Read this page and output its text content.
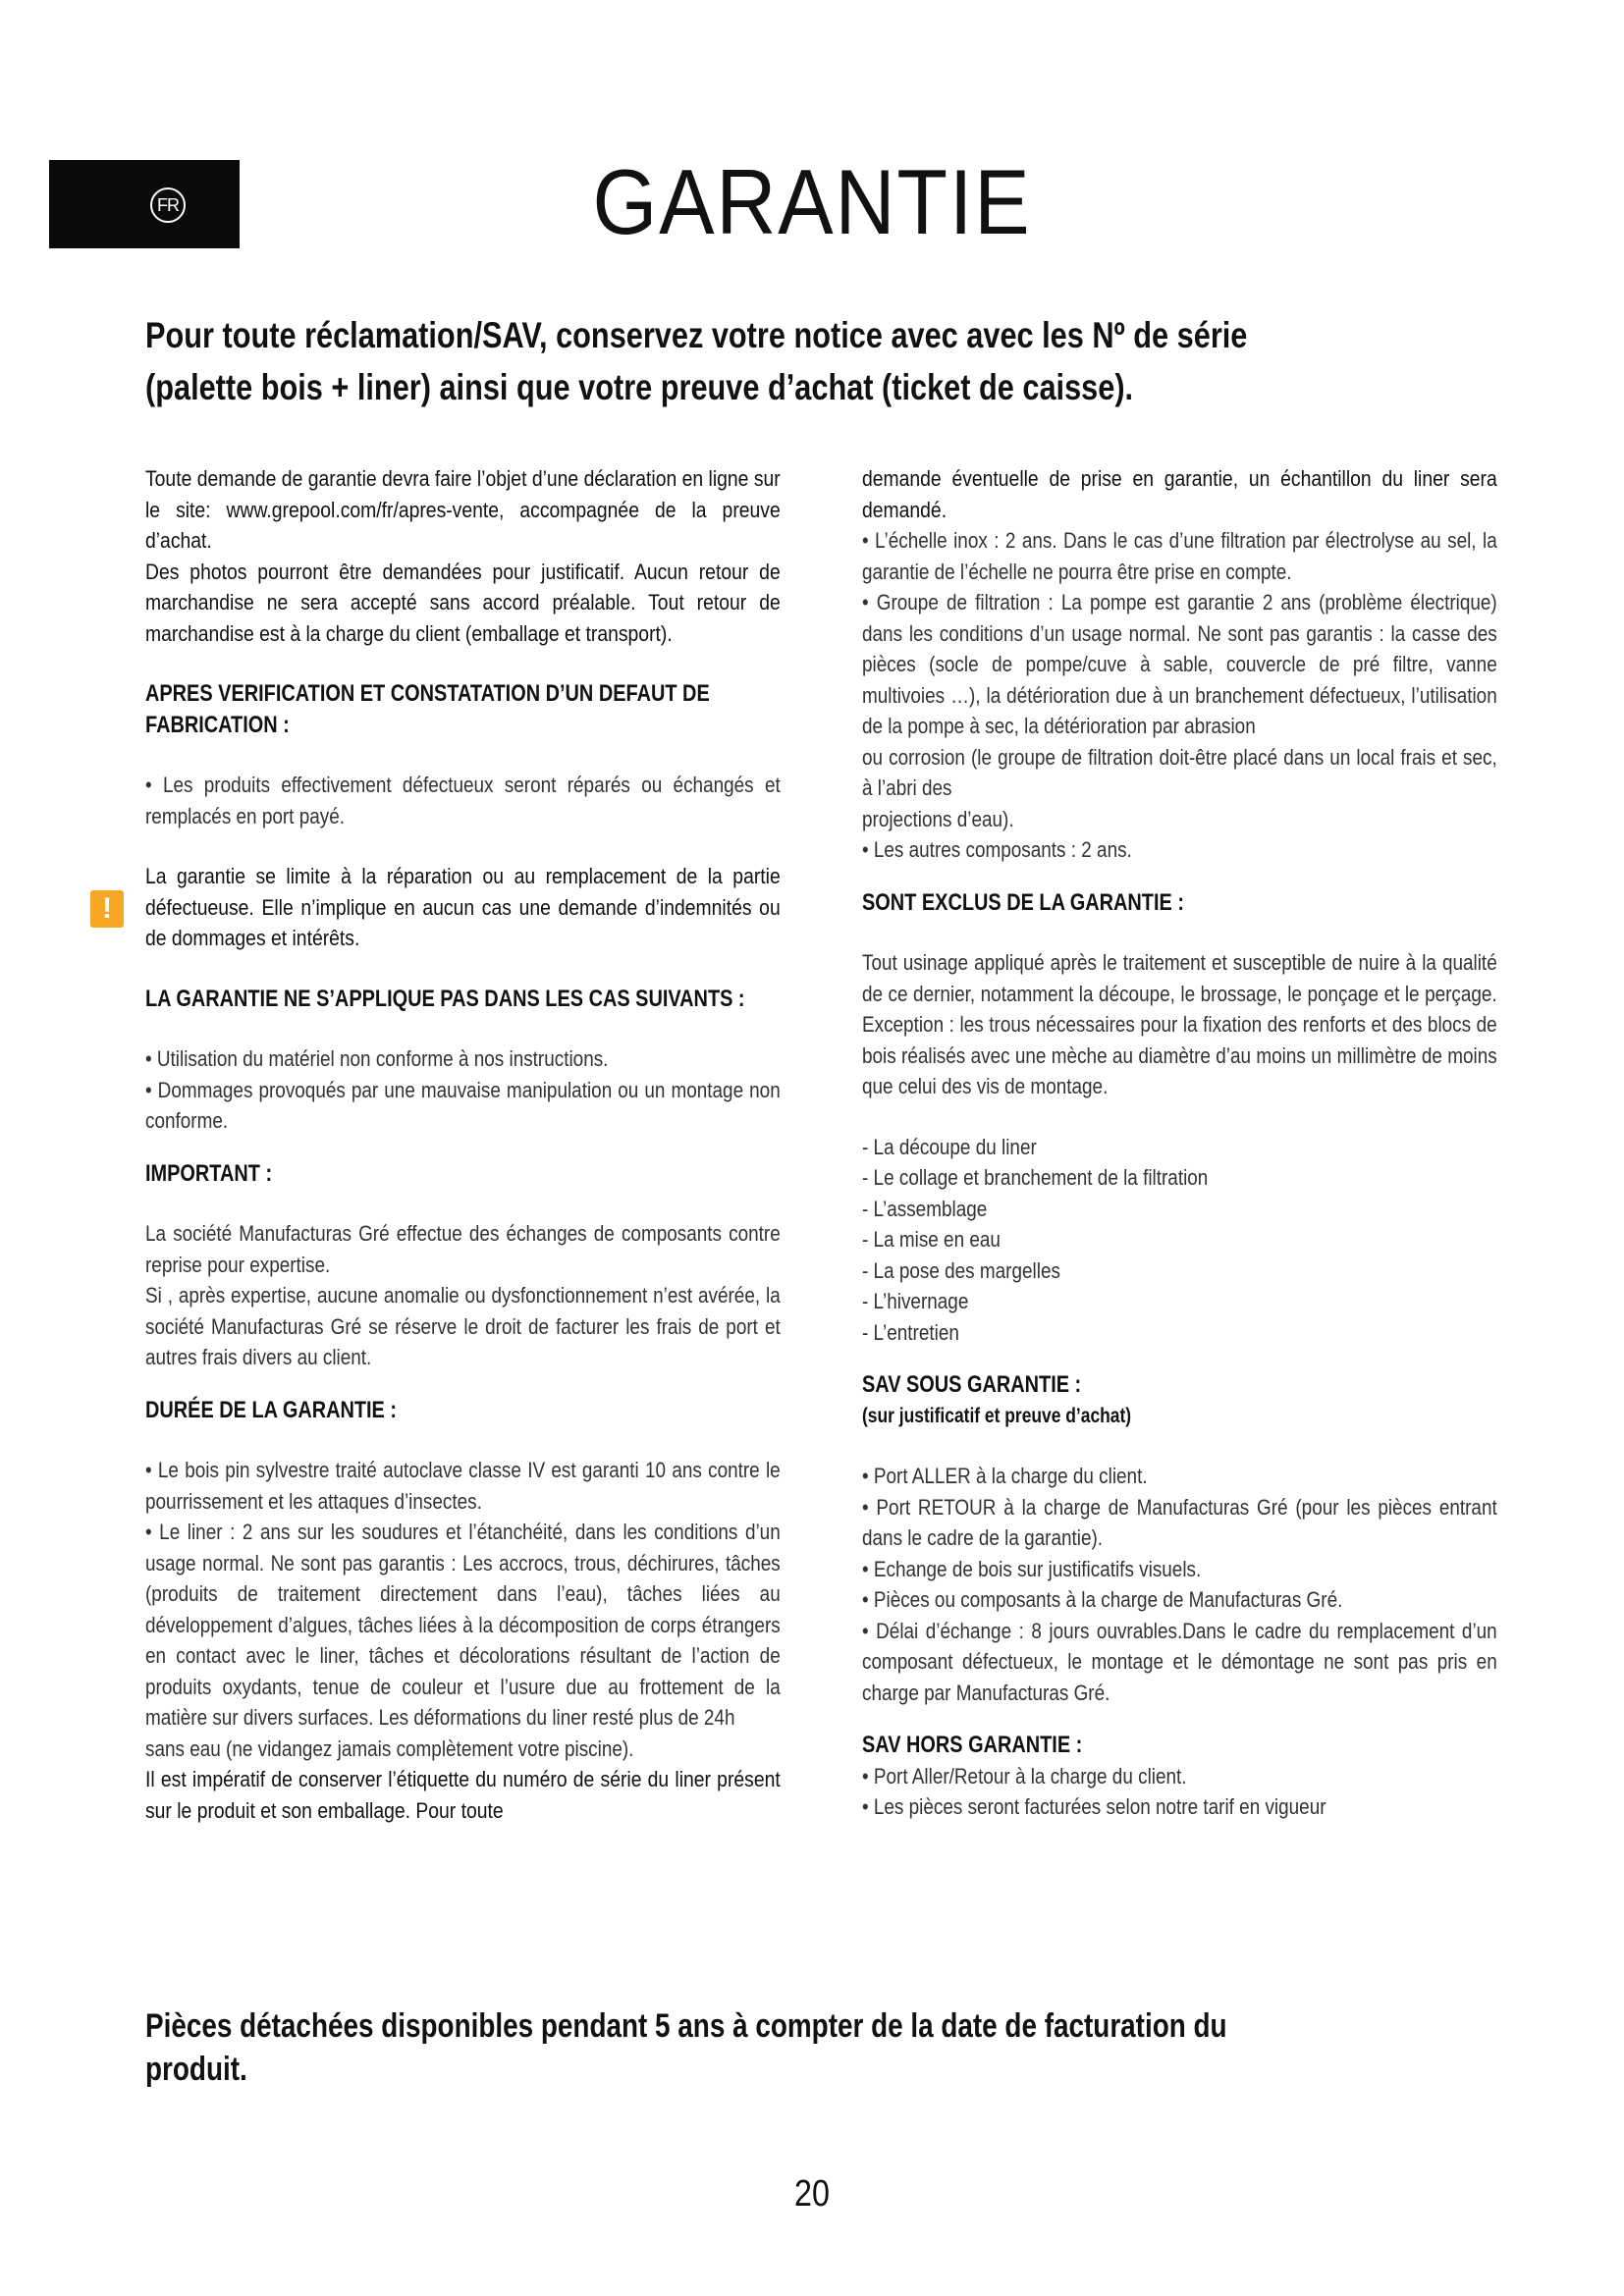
FR	GARANTIE
Pour toute réclamation/SAV, conservez votre notice avec avec les Nº de série (palette bois + liner) ainsi que votre preuve d’achat (ticket de caisse).

Toute demande de garantie devra faire l’objet d’une déclaration en ligne sur le site: www.grepool.com/fr/apres-vente, accompagnée de la preuve d’achat.

Des photos pourront être demandées pour justificatif. Aucun retour de marchandise ne sera accepté sans accord préalable. Tout retour de marchandise est à la charge du client (emballage et transport).

APRES VERIFICATION ET CONSTATATION D’UN DEFAUT DE FABRICATION :

• Les produits effectivement défectueux seront réparés ou échangés et remplacés en port payé.

!

La garantie se limite à la réparation ou au remplacement de la partie défectueuse. Elle n’implique en aucun cas une demande d’indemnités ou de dommages et intérêts.

LA GARANTIE NE S’APPLIQUE PAS DANS LES CAS SUIVANTS :

• Utilisation du matériel non conforme à nos instructions.

• Dommages provoqués par une mauvaise manipulation ou un montage non conforme.

IMPORTANT :

La société Manufacturas Gré effectue des échanges de composants contre reprise pour expertise.

Si , après expertise, aucune anomalie ou dysfonctionnement n’est avérée, la société Manufacturas Gré se réserve le droit de facturer les frais de port et autres frais divers au client.

DURÉE DE LA GARANTIE :

• Le bois pin sylvestre traité autoclave classe IV est garanti 10 ans contre le pourrissement et les attaques d’insectes.

• Le liner : 2 ans sur les soudures et l’étanchéité, dans les conditions d’un usage normal. Ne sont pas garantis : Les accrocs, trous, déchirures, tâches (produits de traitement directement dans l’eau), tâches liées au développement d’algues, tâches liées à la décomposition de corps étrangers en contact avec le liner, tâches et décolorations résultant de l’action de produits oxydants, tenue de couleur et l’usure due au frottement de la matière sur divers surfaces. Les déformations du liner resté plus de 24h

sans eau (ne vidangez jamais complètement votre piscine).

Il est impératif de conserver l’étiquette du numéro de série du liner présent sur le produit et son emballage. Pour toute

demande éventuelle de prise en garantie, un échantillon du liner sera demandé.

• L’échelle inox : 2 ans. Dans le cas d’une filtration par électrolyse au sel, la garantie de l’échelle ne pourra être prise en compte.

• Groupe de filtration : La pompe est garantie 2 ans (problème électrique) dans les conditions d’un usage normal. Ne sont pas garantis : la casse des pièces (socle de pompe/cuve à sable, couvercle de pré filtre, vanne multivoies …), la détérioration due à un branchement défectueux, l’utilisation de la pompe à sec, la détérioration par abrasion

ou corrosion (le groupe de filtration doit-être placé dans un local frais et sec, à l’abri des

projections d’eau).

• Les autres composants : 2 ans.

SONT EXCLUS DE LA GARANTIE :

Tout usinage appliqué après le traitement et susceptible de nuire à la qualité de ce dernier, notamment la découpe, le brossage, le ponçage et le perçage. Exception : les trous nécessaires pour la fixation des renforts et des blocs de bois réalisés avec une mèche au diamètre d’au moins un millimètre de moins que celui des vis de montage.

- La découpe du liner

- Le collage et branchement de la filtration

- L’assemblage

- La mise en eau

- La pose des margelles

- L’hivernage

- L’entretien

SAV SOUS GARANTIE :
(sur justificatif et preuve d’achat)

• Port ALLER à la charge du client.

• Port RETOUR à la charge de Manufacturas Gré (pour les pièces entrant dans le cadre de la garantie).

• Echange de bois sur justificatifs visuels.

• Pièces ou composants à la charge de Manufacturas Gré.

• Délai d’échange : 8 jours ouvrables.Dans le cadre du remplacement d’un composant défectueux, le montage et le démontage ne sont pas pris en charge par Manufacturas Gré.

SAV HORS GARANTIE :

• Port Aller/Retour à la charge du client.

• Les pièces seront facturées selon notre tarif en vigueur

Pièces détachées disponibles pendant 5 ans à compter de la date de facturation du produit.
20
